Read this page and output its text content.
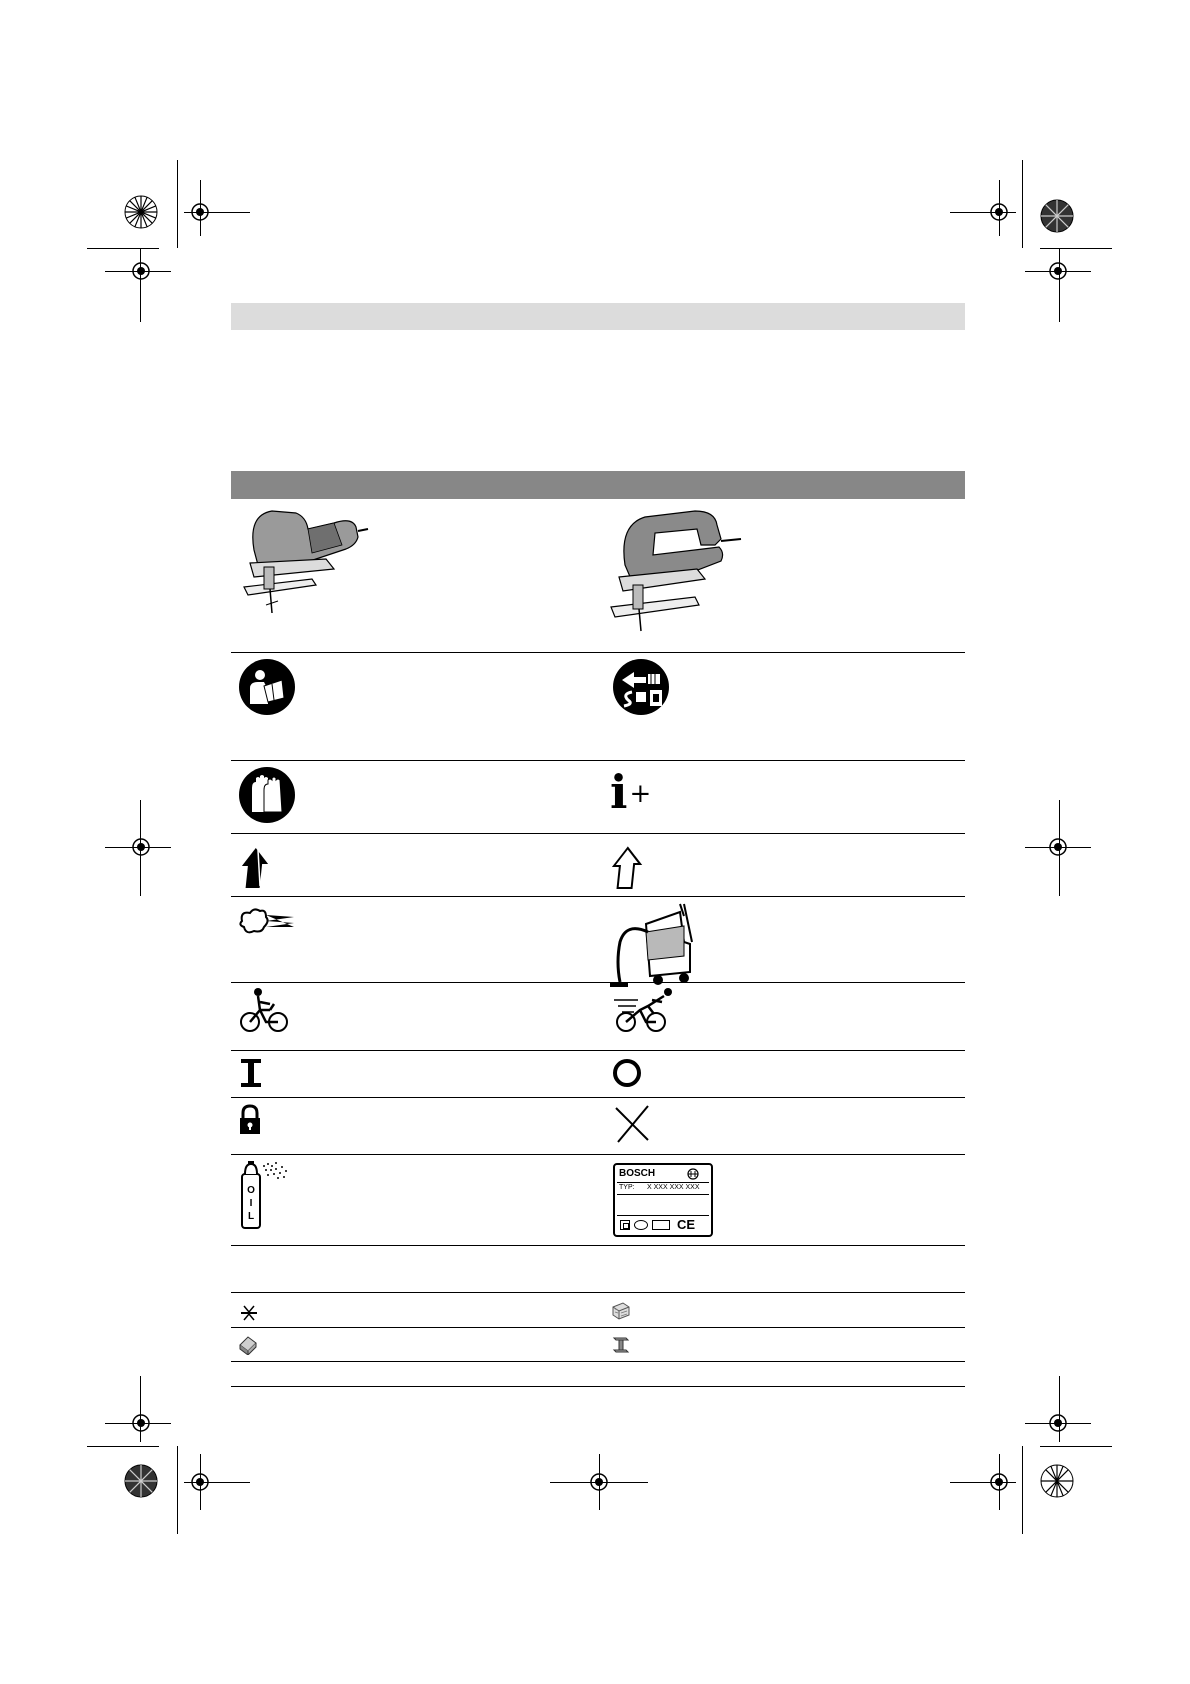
i+
O
I
L
BOSCH
TYP: X XXX XXX XXX
CE
